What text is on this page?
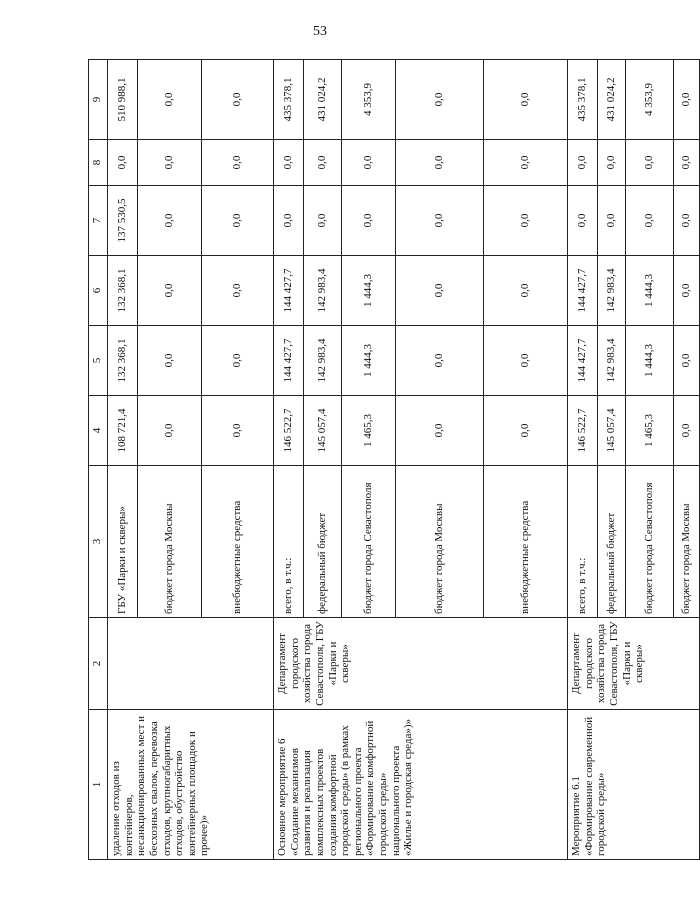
53
1	2	3	4	5	6	7	8	9
удаление отходов из контейнеров, несанкционированных мест и бесхозных свалок, перевозка отходов, крупногабаритных отходов, обустройство контейнерных площадок и прочее)»		ГБУ «Парки и скверы»	108 721,4	132 368,1	132 368,1	137 530,5	0,0	510 988,1
		бюджет города Москвы	0,0	0,0	0,0	0,0	0,0	0,0
		внебюджетные средства	0,0	0,0	0,0	0,0	0,0	0,0
Основное мероприятие 6 «Создание механизмов развития и реализация комплексных проектов создания комфортной городской среды» (в рамках регионального проекта «Формирование комфортной городской среды» национального проекта «Жилье и городская среда»)»	Департамент городского хозяйства города Севастополя, ГБУ «Парки и скверы»	всего, в т.ч.:	146 522,7	144 427,7	144 427,7	0,0	0,0	435 378,1
		федеральный бюджет	145 057,4	142 983,4	142 983,4	0,0	0,0	431 024,2
		бюджет города Севастополя	1 465,3	1 444,3	1 444,3	0,0	0,0	4 353,9
		бюджет города Москвы	0,0	0,0	0,0	0,0	0,0	0,0
		внебюджетные средства	0,0	0,0	0,0	0,0	0,0	0,0
Мероприятие 6.1 «Формирование современной городской среды»	Департамент городского хозяйства города Севастополя, ГБУ «Парки и скверы»	всего, в т.ч.:	146 522,7	144 427,7	144 427,7	0,0	0,0	435 378,1
		федеральный бюджет	145 057,4	142 983,4	142 983,4	0,0	0,0	431 024,2
		бюджет города Севастополя	1 465,3	1 444,3	1 444,3	0,0	0,0	4 353,9
		бюджет города Москвы	0,0	0,0	0,0	0,0	0,0	0,0
